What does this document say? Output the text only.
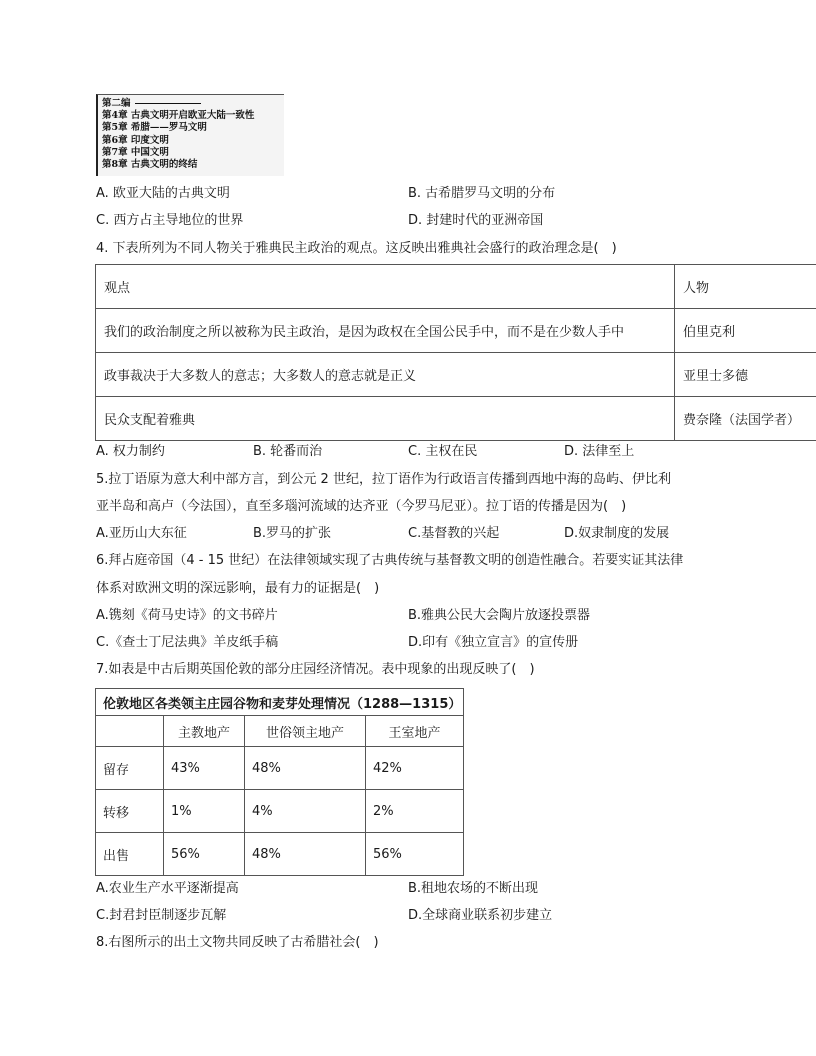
第二编
第4章 古典文明开启欧亚大陆一致性
第5章 希腊——罗马文明
第6章 印度文明
第7章 中国文明
第8章 古典文明的终结
A. 欧亚大陆的古典文明	B. 古希腊罗马文明的分布
C. 西方占主导地位的世界	D. 封建时代的亚洲帝国
4. 下表所列为不同人物关于雅典民主政治的观点。这反映出雅典社会盛行的政治理念是(　)
观点	人物
我们的政治制度之所以被称为民主政治，是因为政权在全国公民手中，而不是在少数人手中	伯里克利
政事裁决于大多数人的意志；大多数人的意志就是正义	亚里士多德
民众支配着雅典	费奈隆（法国学者）
A. 权力制约	B. 轮番而治	C. 主权在民	D. 法律至上
5.拉丁语原为意大利中部方言，到公元 2 世纪，拉丁语作为行政语言传播到西地中海的岛屿、伊比利
亚半岛和高卢（今法国），直至多瑙河流域的达齐亚（今罗马尼亚）。拉丁语的传播是因为(　)
A.亚历山大东征	B.罗马的扩张	C.基督教的兴起	D.奴隶制度的发展
6.拜占庭帝国（4 - 15 世纪）在法律领域实现了古典传统与基督教文明的创造性融合。若要实证其法律
体系对欧洲文明的深远影响，最有力的证据是(　)
A.镌刻《荷马史诗》的文书碎片	B.雅典公民大会陶片放逐投票器
C.《查士丁尼法典》羊皮纸手稿	D.印有《独立宣言》的宣传册
7.如表是中古后期英国伦敦的部分庄园经济情况。表中现象的出现反映了(　)
伦敦地区各类领主庄园谷物和麦芽处理情况（1288—1315）			
	主教地产	世俗领主地产	王室地产
留存	43%	48%	42%
转移	1%	4%	2%
出售	56%	48%	56%
A.农业生产水平逐渐提高	B.租地农场的不断出现
C.封君封臣制逐步瓦解	D.全球商业联系初步建立
8.右图所示的出土文物共同反映了古希腊社会(　)
